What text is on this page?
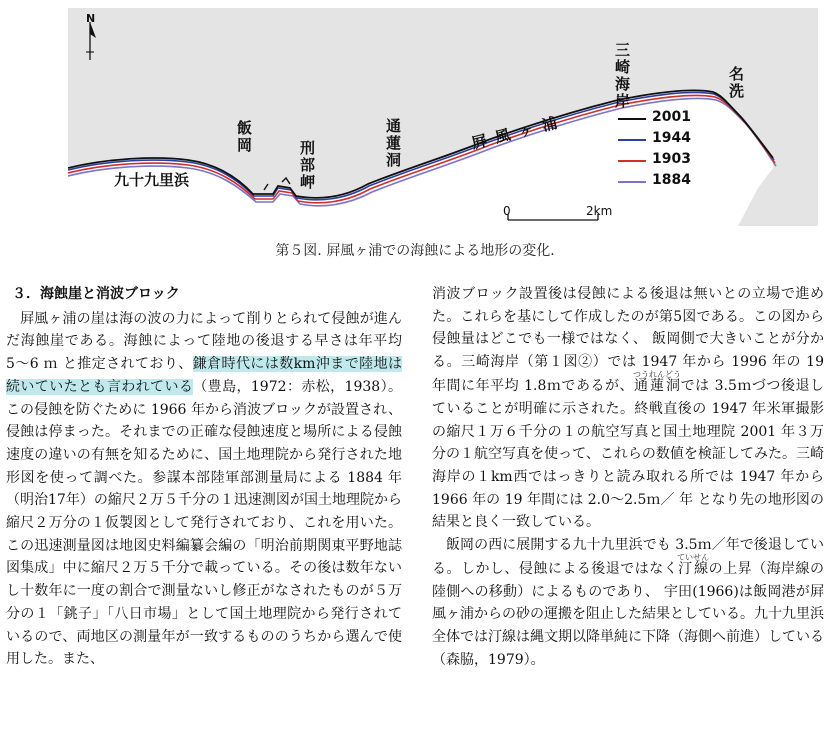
N
九十九里浜
飯岡	刑部岬
通蓮洞
屛 風 ヶ 浦
三崎海岸
名洗
2001
1944
1903
1884
0	2km
第５図. 屛風ヶ浦での海蝕による地形の変化.

３．海蝕崖と消波ブロック

屛風ヶ浦の崖は海の波の力によって削りとられて侵蝕が進んだ海蝕崖である。海蝕によって陸地の後退する早さは年平均 5〜6 ｍ と推定されており、鎌倉時代には数km沖まで陸地は続いていたとも言われている（豊島，1972：赤松，1938）。この侵蝕を防ぐために 1966 年から消波ブロックが設置され、侵蝕は停まった。それまでの正確な侵蝕速度と場所による侵蝕速度の違いの有無を知るために、国土地理院から発行された地形図を使って調べた。参謀本部陸軍部測量局による 1884 年（明治17年）の縮尺２万５千分の１迅速測図が国土地理院から縮尺２万分の１仮製図として発行されており、これを用いた。この迅速測量図は地図史料編纂会編の「明治前期関東平野地誌図集成」中に縮尺２万５千分で載っている。その後は数年ないし十数年に一度の割合で測量ないし修正がなされたものが５万分の１「銚子」「八日市場」として国土地理院から発行されているので、両地区の測量年が一致するもののうちから選んで使用した。また、

消波ブロック設置後は侵蝕による後退は無いとの立場で進めた。これらを基にして作成したのが第5図である。この図から侵蝕量はどこでも一様ではなく、 飯岡側で大きいことが分かる。三崎海岸（第１図②）では 1947 年から 1996 年の 19 年間に年平均 1.8ｍであるが、通蓮洞つうれんどうでは 3.5ｍづつ後退していることが明確に示された。終戦直後の 1947 年米軍撮影の縮尺１万６千分の１の航空写真と国土地理院 2001 年３万分の１航空写真を使って、これらの数値を検証してみた。三崎海岸の１km西ではっきりと読み取れる所では 1947 年から 1966 年の 19 年間には 2.0〜2.5ｍ／ 年 となり先の地形図の結果と良く一致している。

飯岡の西に展開する九十九里浜でも 3.5ｍ／年で後退している。しかし、侵蝕による後退ではなく汀線ていせんの上昇（海岸線の陸側への移動）によるものであり、 宇田(1966)は飯岡港が屛風ヶ浦からの砂の運搬を阻止した結果としている。九十九里浜全体では汀線は縄文期以降単純に下降（海側へ前進）している（森脇，1979）。
